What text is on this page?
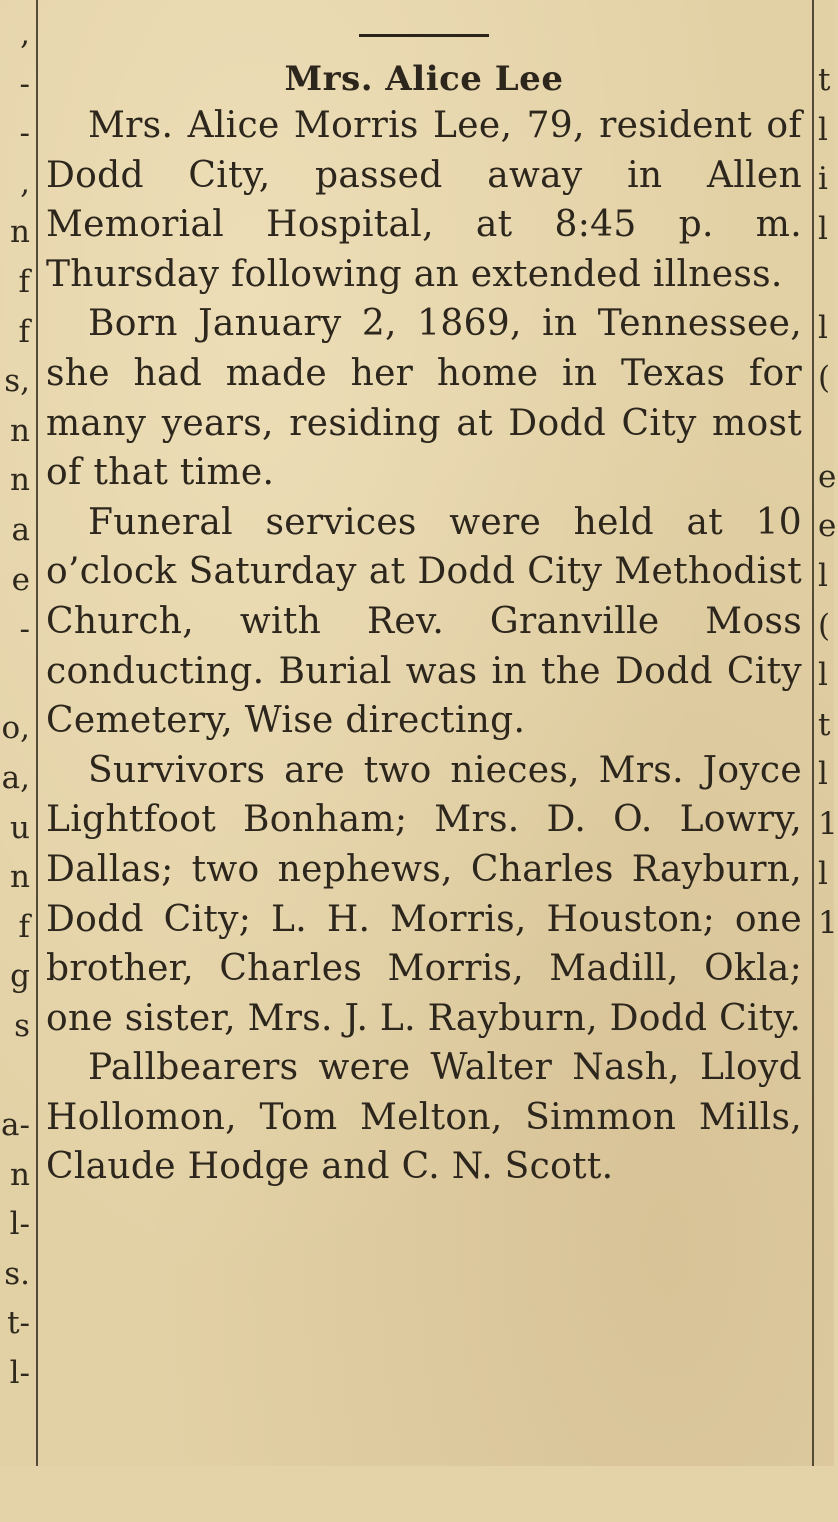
,
-
-
,
n
f
f
s,
n
n
a
e
-
o,
a,
u
n
f
g
s
a-
n
l-
s.
t-
l-
Mrs. Alice Lee

Mrs. Alice Morris Lee, 79, resident of Dodd City, passed away in Allen Memorial Hospital, at 8:45 p. m. Thursday following an extended illness.

Born January 2, 1869, in Tennessee, she had made her home in Texas for many years, residing at Dodd City most of that time.

Funeral services were held at 10 o’clock Saturday at Dodd City Methodist Church, with Rev. Granville Moss conducting. Burial was in the Dodd City Cemetery, Wise directing.

Survivors are two nieces, Mrs. Joyce Lightfoot Bonham; Mrs. D. O. Lowry, Dallas; two nephews, Charles Rayburn, Dodd City; L. H. Morris, Houston; one brother, Charles Morris, Madill, Okla; one sister, Mrs. J. L. Rayburn, Dodd City.

Pallbearers were Walter Nash, Lloyd Hollomon, Tom Melton, Simmon Mills, Claude Hodge and C. N. Scott.

t
l
i
l
l
(
e
e
l
(
l
t
l
1
l
1
